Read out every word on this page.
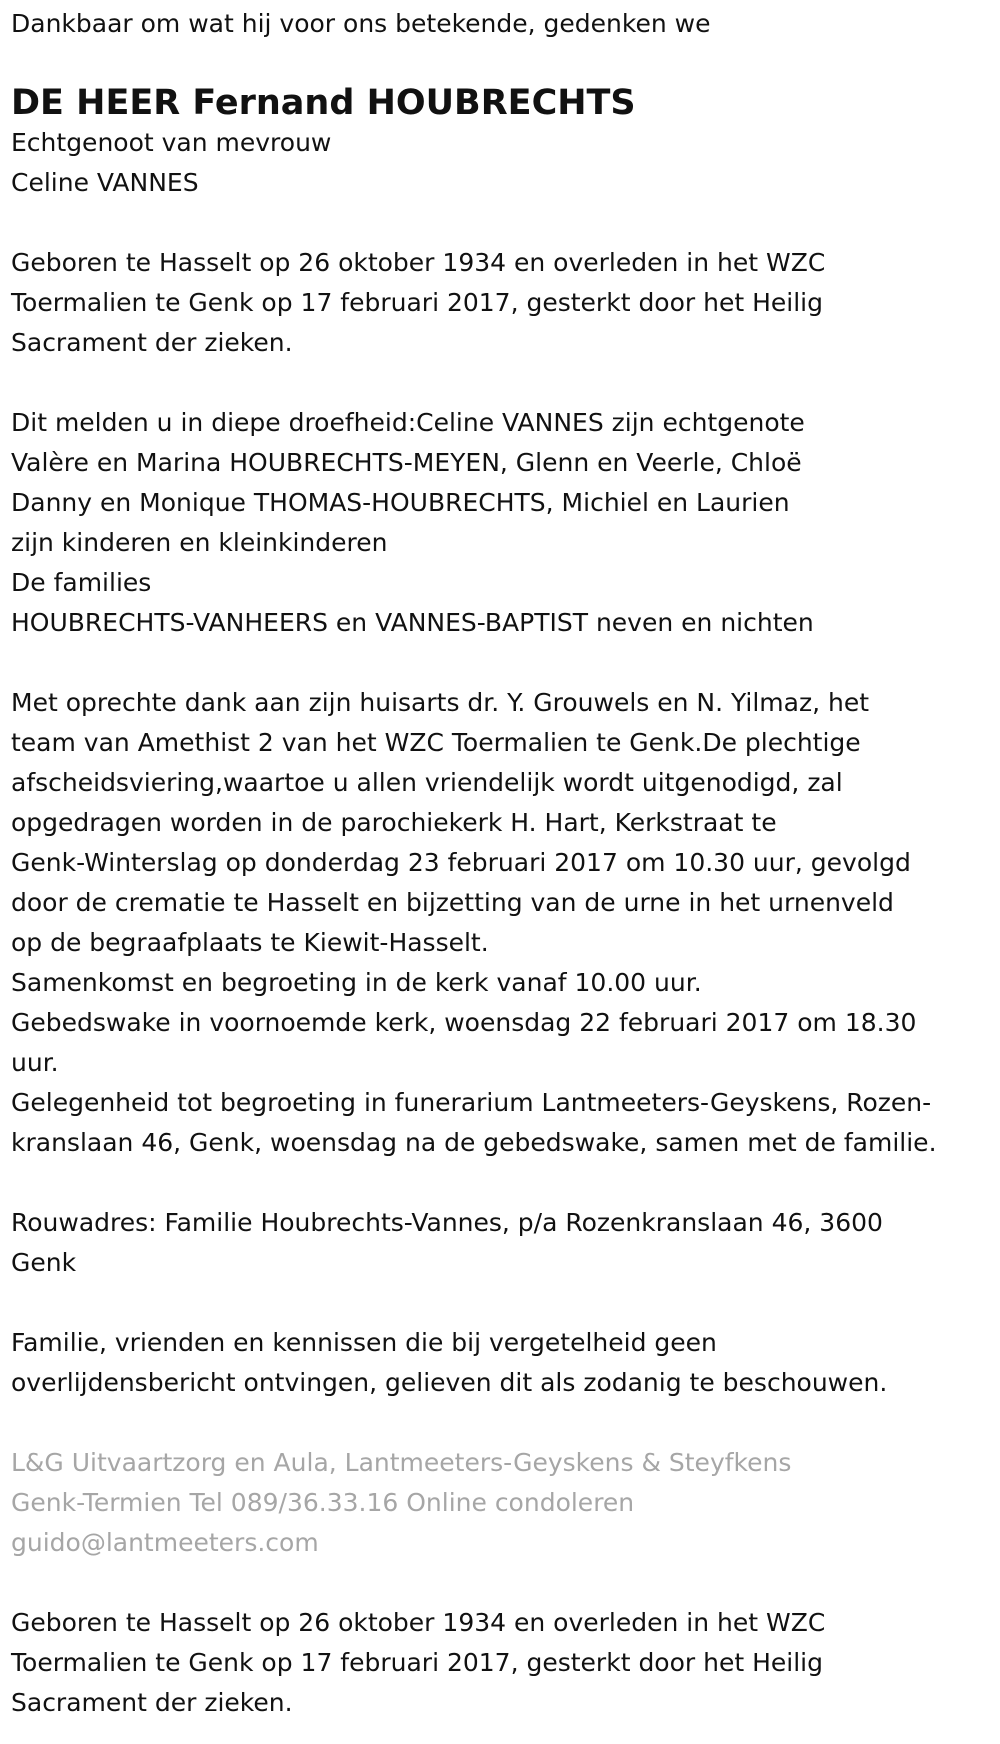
Dankbaar om wat hij voor ons betekende, gedenken we

DE HEER Fernand HOUBRECHTS

Echtgenoot van mevrouw

Celine VANNES

Geboren te Hasselt op 26 oktober 1934 en overleden in het WZC

Toermalien te Genk op 17 februari 2017, gesterkt door het Heilig

Sacrament der zieken.

Dit melden u in diepe droefheid:Celine VANNES zijn echtgenote

Valère en Marina HOUBRECHTS-MEYEN, Glenn en Veerle, Chloë

Danny en Monique THOMAS-HOUBRECHTS, Michiel en Laurien

zijn kinderen en kleinkinderen

De families

HOUBRECHTS-VANHEERS en VANNES-BAPTIST neven en nichten

Met oprechte dank aan zijn huisarts dr. Y. Grouwels en N. Yilmaz, het

team van Amethist 2 van het WZC Toermalien te Genk.De plechtige

afscheidsviering,waartoe u allen vriendelijk wordt uitgenodigd, zal

opgedragen worden in de parochiekerk H. Hart, Kerkstraat te

Genk-Winterslag op donderdag 23 februari 2017 om 10.30 uur, gevolgd

door de crematie te Hasselt en bijzetting van de urne in het urnenveld

op de begraafplaats te Kiewit-Hasselt.

Samenkomst en begroeting in de kerk vanaf 10.00 uur.

Gebedswake in voornoemde kerk, woensdag 22 februari 2017 om 18.30

uur.

Gelegenheid tot begroeting in funerarium Lantmeeters-Geyskens, Rozen-

kranslaan 46, Genk, woensdag na de gebedswake, samen met de familie.

Rouwadres: Familie Houbrechts-Vannes, p/a Rozenkranslaan 46, 3600

Genk

Familie, vrienden en kennissen die bij vergetelheid geen

overlijdensbericht ontvingen, gelieven dit als zodanig te beschouwen.

L&G Uitvaartzorg en Aula, Lantmeeters-Geyskens & Steyfkens

Genk-Termien Tel 089/36.33.16 Online condoleren

guido@lantmeeters.com

Geboren te Hasselt op 26 oktober 1934 en overleden in het WZC

Toermalien te Genk op 17 februari 2017, gesterkt door het Heilig

Sacrament der zieken.
